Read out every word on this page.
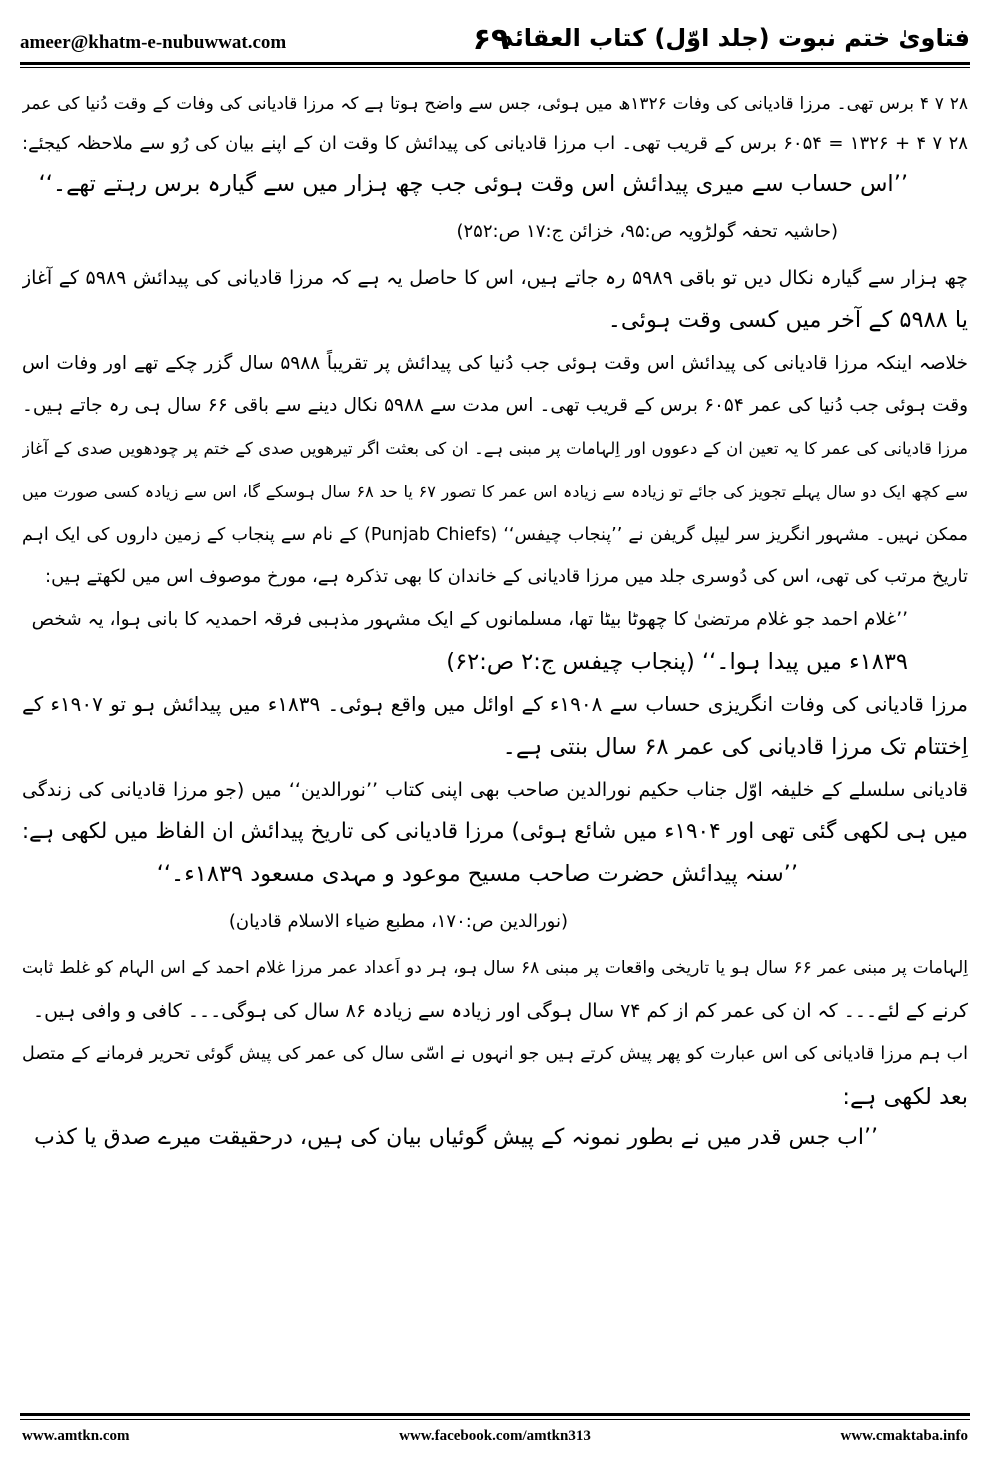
ameer@khatm-e-nubuwwat.com	۶۹
فتاویٰ ختم نبوت (جلد اوّل) کتاب العقائد
۲۸ ۷ ۴ برس تھی۔ مرزا قادیانی کی وفات ۱۳۲۶ھ میں ہوئی، جس سے واضح ہوتا ہے کہ مرزا قادیانی کی وفات کے وقت دُنیا کی عمر
۲۸ ۷ ۴ + ۱۳۲۶ = ۶۰۵۴ برس کے قریب تھی۔ اب مرزا قادیانی کی پیدائش کا وقت ان کے اپنے بیان کی رُو سے ملاحظہ کیجئے:
’’اس حساب سے میری پیدائش اس وقت ہوئی جب چھ ہزار میں سے گیارہ برس رہتے تھے۔‘‘
(حاشیہ تحفہ گولڑویہ ص:۹۵، خزائن ج:۱۷ ص:۲۵۲)
چھ ہزار سے گیارہ نکال دیں تو باقی ۵۹۸۹ رہ جاتے ہیں، اس کا حاصل یہ ہے کہ مرزا قادیانی کی پیدائش ۵۹۸۹ کے آغاز
یا ۵۹۸۸ کے آخر میں کسی وقت ہوئی۔
خلاصہ اینکہ مرزا قادیانی کی پیدائش اس وقت ہوئی جب دُنیا کی پیدائش پر تقریباً ۵۹۸۸ سال گزر چکے تھے اور وفات اس
وقت ہوئی جب دُنیا کی عمر ۶۰۵۴ برس کے قریب تھی۔ اس مدت سے ۵۹۸۸ نکال دینے سے باقی ۶۶ سال ہی رہ جاتے ہیں۔
مرزا قادیانی کی عمر کا یہ تعین ان کے دعووں اور اِلہامات پر مبنی ہے۔ ان کی بعثت اگر تیرھویں صدی کے ختم پر چودھویں صدی کے آغاز
سے کچھ ایک دو سال پہلے تجویز کی جائے تو زیادہ سے زیادہ اس عمر کا تصور ۶۷ یا حد ۶۸ سال ہوسکے گا، اس سے زیادہ کسی صورت میں
ممکن نہیں۔ مشہور انگریز سر لیپل گریفن نے ’’پنجاب چیفس‘‘ (Punjab Chiefs) کے نام سے پنجاب کے زمین داروں کی ایک اہم
تاریخ مرتب کی تھی، اس کی دُوسری جلد میں مرزا قادیانی کے خاندان کا بھی تذکرہ ہے، مورخ موصوف اس میں لکھتے ہیں:
’’غلام احمد جو غلام مرتضیٰ کا چھوٹا بیٹا تھا، مسلمانوں کے ایک مشہور مذہبی فرقہ احمدیہ کا بانی ہوا، یہ شخص
۱۸۳۹ء میں پیدا ہوا۔‘‘ (پنجاب چیفس ج:۲ ص:۶۲)
مرزا قادیانی کی وفات انگریزی حساب سے ۱۹۰۸ء کے اوائل میں واقع ہوئی۔ ۱۸۳۹ء میں پیدائش ہو تو ۱۹۰۷ء کے
اِختتام تک مرزا قادیانی کی عمر ۶۸ سال بنتی ہے۔
قادیانی سلسلے کے خلیفہ اوّل جناب حکیم نورالدین صاحب بھی اپنی کتاب ’’نورالدین‘‘ میں (جو مرزا قادیانی کی زندگی
میں ہی لکھی گئی تھی اور ۱۹۰۴ء میں شائع ہوئی) مرزا قادیانی کی تاریخ پیدائش ان الفاظ میں لکھی ہے:
’’سنہ پیدائش حضرت صاحب مسیح موعود و مہدی مسعود ۱۸۳۹ء۔‘‘
(نورالدین ص:۱۷۰، مطبع ضیاء الاسلام قادیان)
اِلہامات پر مبنی عمر ۶۶ سال ہو یا تاریخی واقعات پر مبنی ۶۸ سال ہو، ہر دو اَعداد عمر مرزا غلام احمد کے اس الہام کو غلط ثابت
کرنے کے لئے۔۔۔ کہ ان کی عمر کم از کم ۷۴ سال ہوگی اور زیادہ سے زیادہ ۸۶ سال کی ہوگی۔۔۔ کافی و وافی ہیں۔
اب ہم مرزا قادیانی کی اس عبارت کو پھر پیش کرتے ہیں جو انہوں نے اسّی سال کی عمر کی پیش گوئی تحریر فرمانے کے متصل
بعد لکھی ہے:
’’اب جس قدر میں نے بطور نمونہ کے پیش گوئیاں بیان کی ہیں، درحقیقت میرے صدق یا کذب
www.amtkn.com	www.facebook.com/amtkn313	www.cmaktaba.info
